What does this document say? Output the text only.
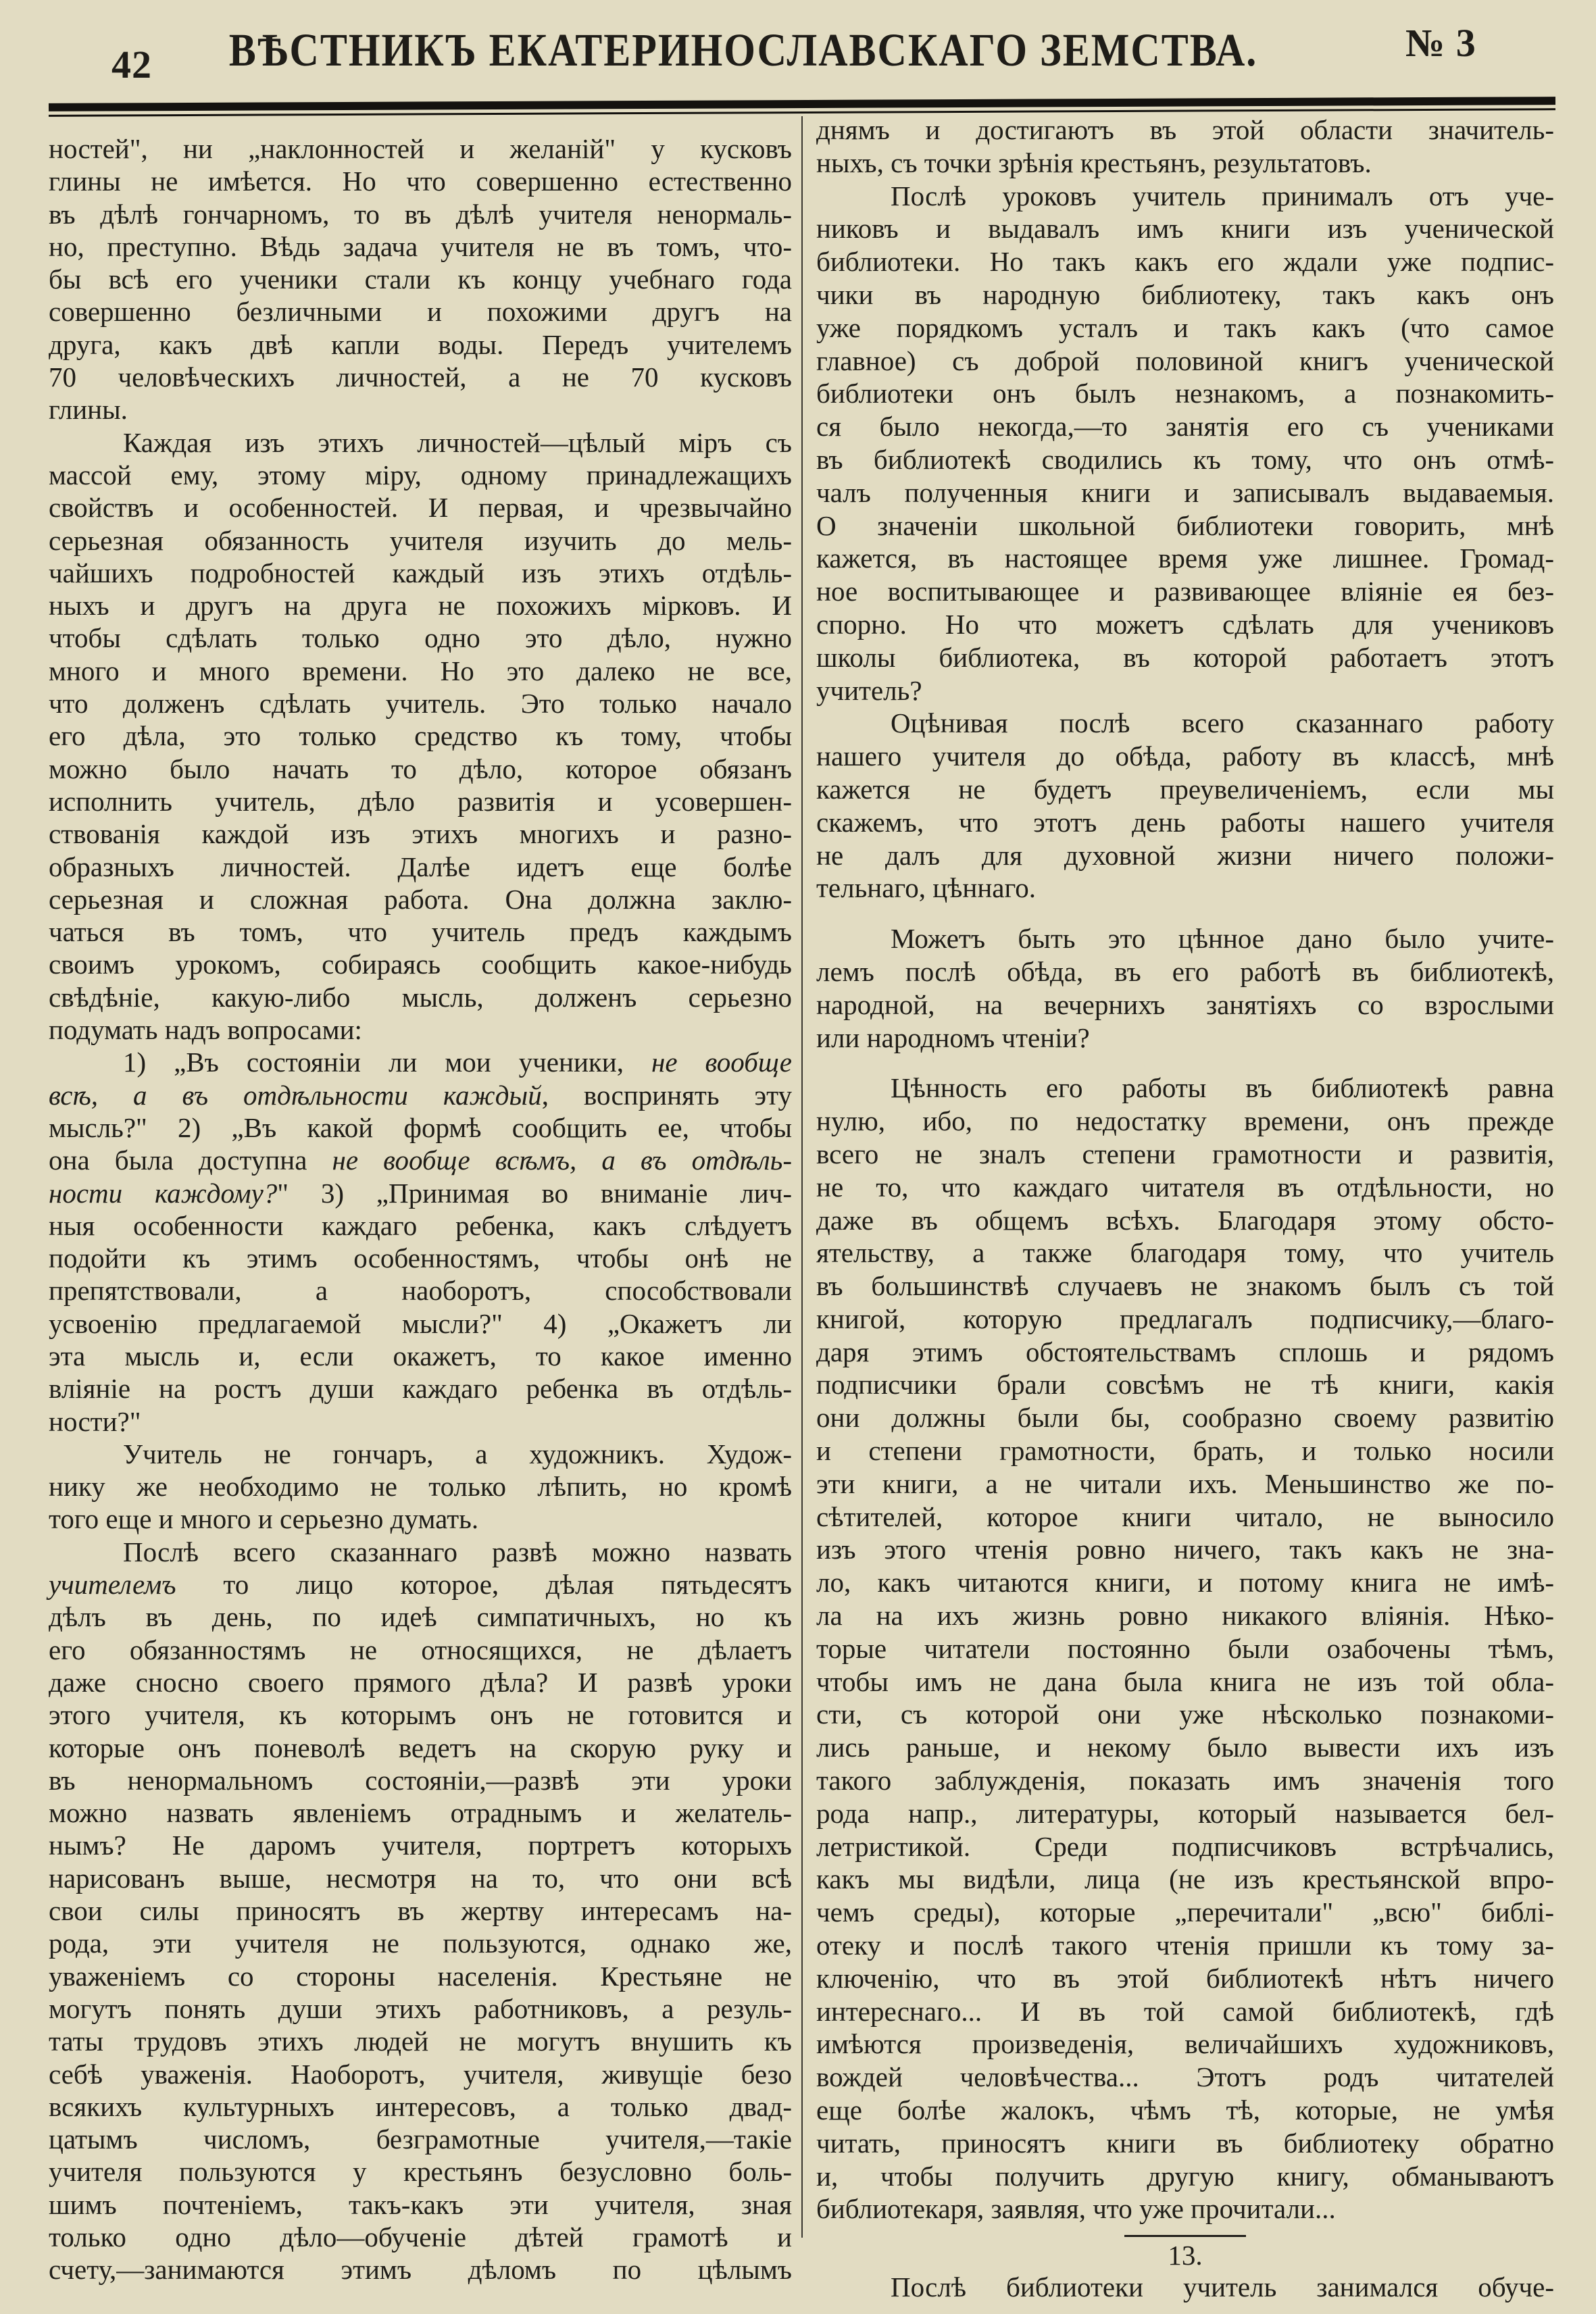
42	ВѢСТНИКЪ ЕКАТЕРИНОСЛАВСКАГО ЗЕМСТВА.	№ 3
ностей", ни „наклонностей и желаній" у кусковъ
глины не имѣется. Но что совершенно естественно
въ дѣлѣ гончарномъ, то въ дѣлѣ учителя ненормаль-
но, преступно. Вѣдь задача учителя не въ томъ, что-
бы всѣ его ученики стали къ концу учебнаго года
совершенно безличными и похожими другъ на
друга, какъ двѣ капли воды. Передъ учителемъ
70 человѣческихъ личностей, а не 70 кусковъ
глины.
Каждая изъ этихъ личностей—цѣлый міръ съ
массой ему, этому міру, одному принадлежащихъ
свойствъ и особенностей. И первая, и чрезвычайно
серьезная обязанность учителя изучить до мель-
чайшихъ подробностей каждый изъ этихъ отдѣль-
ныхъ и другъ на друга не похожихъ мірковъ. И
чтобы сдѣлать только одно это дѣло, нужно
много и много времени. Но это далеко не все,
что долженъ сдѣлать учитель. Это только начало
его дѣла, это только средство къ тому, чтобы
можно было начать то дѣло, которое обязанъ
исполнить учитель, дѣло развитія и усовершен-
ствованія каждой изъ этихъ многихъ и разно-
образныхъ личностей. Далѣе идетъ еще болѣе
серьезная и сложная работа. Она должна заклю-
чаться въ томъ, что учитель предъ каждымъ
своимъ урокомъ, собираясь сообщить какое-нибудь
свѣдѣніе, какую-либо мысль, долженъ серьезно
подумать надъ вопросами:
1) „Въ состояніи ли мои ученики, не вообще
всѣ, а въ отдѣльности каждый, воспринять эту
мысль?" 2) „Въ какой формѣ сообщить ее, чтобы
она была доступна не вообще всѣмъ, а въ отдѣль-
ности каждому?" 3) „Принимая во вниманіе лич-
ныя особенности каждаго ребенка, какъ слѣдуетъ
подойти къ этимъ особенностямъ, чтобы онѣ не
препятствовали, а наоборотъ, способствовали
усвоенію предлагаемой мысли?" 4) „Окажетъ ли
эта мысль и, если окажетъ, то какое именно
вліяніе на ростъ души каждаго ребенка въ отдѣль-
ности?"
Учитель не гончаръ, а художникъ. Худож-
нику же необходимо не только лѣпить, но кромѣ
того еще и много и серьезно думать.
Послѣ всего сказаннаго развѣ можно назвать
учителемъ то лицо которое, дѣлая пятьдесятъ
дѣлъ въ день, по идеѣ симпатичныхъ, но къ
его обязанностямъ не относящихся, не дѣлаетъ
даже сносно своего прямого дѣла? И развѣ уроки
этого учителя, къ которымъ онъ не готовится и
которые онъ поневолѣ ведетъ на скорую руку и
въ ненормальномъ состояніи,—развѣ эти уроки
можно назвать явленіемъ отраднымъ и желатель-
нымъ? Не даромъ учителя, портретъ которыхъ
нарисованъ выше, несмотря на то, что они всѣ
свои силы приносятъ въ жертву интересамъ на-
рода, эти учителя не пользуются, однако же,
уваженіемъ со стороны населенія. Крестьяне не
могутъ понять души этихъ работниковъ, а резуль-
таты трудовъ этихъ людей не могутъ внушить къ
себѣ уваженія. Наоборотъ, учителя, живущіе безо
всякихъ культурныхъ интересовъ, а только двад-
цатымъ числомъ, безграмотные учителя,—такіе
учителя пользуются у крестьянъ безусловно боль-
шимъ почтеніемъ, такъ-какъ эти учителя, зная
только одно дѣло—обученіе дѣтей грамотѣ и
счету,—занимаются этимъ дѣломъ по цѣлымъ
днямъ и достигаютъ въ этой области значитель-
ныхъ, съ точки зрѣнія крестьянъ, результатовъ.
Послѣ уроковъ учитель принималъ отъ уче-
никовъ и выдавалъ имъ книги изъ ученической
библиотеки. Но такъ какъ его ждали уже подпис-
чики въ народную библиотеку, такъ какъ онъ
уже порядкомъ усталъ и такъ какъ (что самое
главное) съ доброй половиной книгъ ученической
библиотеки онъ былъ незнакомъ, а познакомить-
ся было некогда,—то занятія его съ учениками
въ библиотекѣ сводились къ тому, что онъ отмѣ-
чалъ полученныя книги и записывалъ выдаваемыя.
О значеніи школьной библиотеки говорить, мнѣ
кажется, въ настоящее время уже лишнее. Громад-
ное воспитывающее и развивающее вліяніе ея без-
спорно. Но что можетъ сдѣлать для учениковъ
школы библиотека, въ которой работаетъ этотъ
учитель?
Оцѣнивая послѣ всего сказаннаго работу
нашего учителя до обѣда, работу въ классѣ, мнѣ
кажется не будетъ преувеличеніемъ, если мы
скажемъ, что этотъ день работы нашего учителя
не далъ для духовной жизни ничего положи-
тельнаго, цѣннаго.
Можетъ быть это цѣнное дано было учите-
лемъ послѣ обѣда, въ его работѣ въ библиотекѣ,
народной, на вечернихъ занятіяхъ со взрослыми
или народномъ чтеніи?
Цѣнность его работы въ библиотекѣ равна
нулю, ибо, по недостатку времени, онъ прежде
всего не зналъ степени грамотности и развитія,
не то, что каждаго читателя въ отдѣльности, но
даже въ общемъ всѣхъ. Благодаря этому обсто-
ятельству, а также благодаря тому, что учитель
въ большинствѣ случаевъ не знакомъ былъ съ той
книгой, которую предлагалъ подписчику,—благо-
даря этимъ обстоятельствамъ сплошь и рядомъ
подписчики брали совсѣмъ не тѣ книги, какія
они должны были бы, сообразно своему развитію
и степени грамотности, брать, и только носили
эти книги, а не читали ихъ. Меньшинство же по-
сѣтителей, которое книги читало, не выносило
изъ этого чтенія ровно ничего, такъ какъ не зна-
ло, какъ читаются книги, и потому книга не имѣ-
ла на ихъ жизнь ровно никакого вліянія. Нѣко-
торые читатели постоянно были озабочены тѣмъ,
чтобы имъ не дана была книга не изъ той обла-
сти, съ которой они уже нѣсколько познакоми-
лись раньше, и некому было вывести ихъ изъ
такого заблужденія, показать имъ значенія того
рода напр., литературы, который называется бел-
летристикой. Среди подписчиковъ встрѣчались,
какъ мы видѣли, лица (не изъ крестьянской впро-
чемъ среды), которые „перечитали" „всю" библі-
отеку и послѣ такого чтенія пришли къ тому за-
ключенію, что въ этой библиотекѣ нѣтъ ничего
интереснаго... И въ той самой библиотекѣ, гдѣ
имѣются произведенія, величайшихъ художниковъ,
вождей человѣчества... Этотъ родъ читателей
еще болѣе жалокъ, чѣмъ тѣ, которые, не умѣя
читать, приносятъ книги въ библиотеку обратно
и, чтобы получить другую книгу, обманываютъ
библиотекаря, заявляя, что уже прочитали...
13.
Послѣ библиотеки учитель занимался обуче-
